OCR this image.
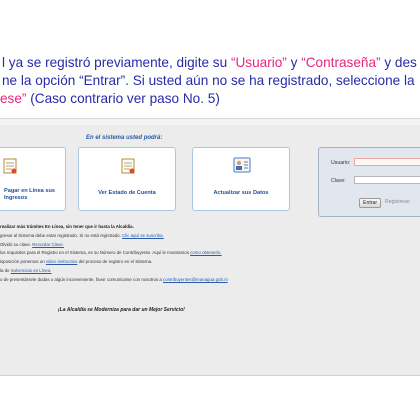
l ya se registró previamente, digite su “Usuario” y “Contraseña” y des
ne la opción “Entrar”. Si usted aún no se ha registrado, seleccione la
ese” (Caso contrario ver paso No. 5)
En el sistema usted podrá:
Pagar en Línea sus
Ingresos
Ver Estado de Cuenta	Actualizar sus Datos
Usuario:
Clave:
Entrar	Registrese
realizar más trámites En Línea, sin tener que ir hasta la Alcaldía.
gresar al Sistema debe estar registrado. Si no está registrado. Clic aquí se suscriba.
Olvidó su clave. Recordar Clave.
los requisitos para el Registro en el Sistema, es su Número de Contribuyente. Aquí le mostramos como obtenerlo.
isposición ponemos un video instructivo del proceso de registro en el Sistema.
la de Solvencias en Línea.
o de presentársele dudas o algún inconveniente, favor comunicarse con nosotros a contribuyentes@managua.gob.ni
¡La Alcaldía se Moderniza para dar un Mejor Servicio!
